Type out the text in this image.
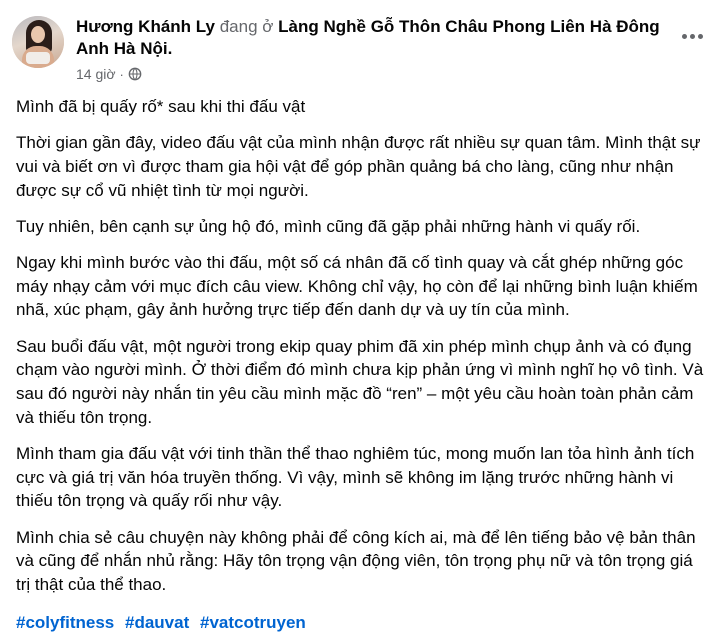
Hương Khánh Ly đang ở Làng Nghề Gỗ Thôn Châu Phong Liên Hà Đông Anh Hà Nội.
14 giờ ·

Mình đã bị quấy rố* sau khi thi đấu vật

Thời gian gần đây, video đấu vật của mình nhận được rất nhiều sự quan tâm. Mình thật sự vui và biết ơn vì được tham gia hội vật để góp phần quảng bá cho làng, cũng như nhận được sự cổ vũ nhiệt tình từ mọi người.

Tuy nhiên, bên cạnh sự ủng hộ đó, mình cũng đã gặp phải những hành vi quấy rối.

Ngay khi mình bước vào thi đấu, một số cá nhân đã cố tình quay và cắt ghép những góc máy nhạy cảm với mục đích câu view. Không chỉ vậy, họ còn để lại những bình luận khiếm nhã, xúc phạm, gây ảnh hưởng trực tiếp đến danh dự và uy tín của mình.

Sau buổi đấu vật, một người trong ekip quay phim đã xin phép mình chụp ảnh và có đụng chạm vào người mình. Ở thời điểm đó mình chưa kịp phản ứng vì mình nghĩ họ vô tình. Và sau đó người này nhắn tin yêu cầu mình mặc đồ “ren” – một yêu cầu hoàn toàn phản cảm và thiếu tôn trọng.

Mình tham gia đấu vật với tinh thần thể thao nghiêm túc, mong muốn lan tỏa hình ảnh tích cực và giá trị văn hóa truyền thống. Vì vậy, mình sẽ không im lặng trước những hành vi thiếu tôn trọng và quấy rối như vậy.

Mình chia sẻ câu chuyện này không phải để công kích ai, mà để lên tiếng bảo vệ bản thân và cũng để nhắn nhủ rằng: Hãy tôn trọng vận động viên, tôn trọng phụ nữ và tôn trọng giá trị thật của thể thao.

#colyfitness #dauvat #vatcotruyen
